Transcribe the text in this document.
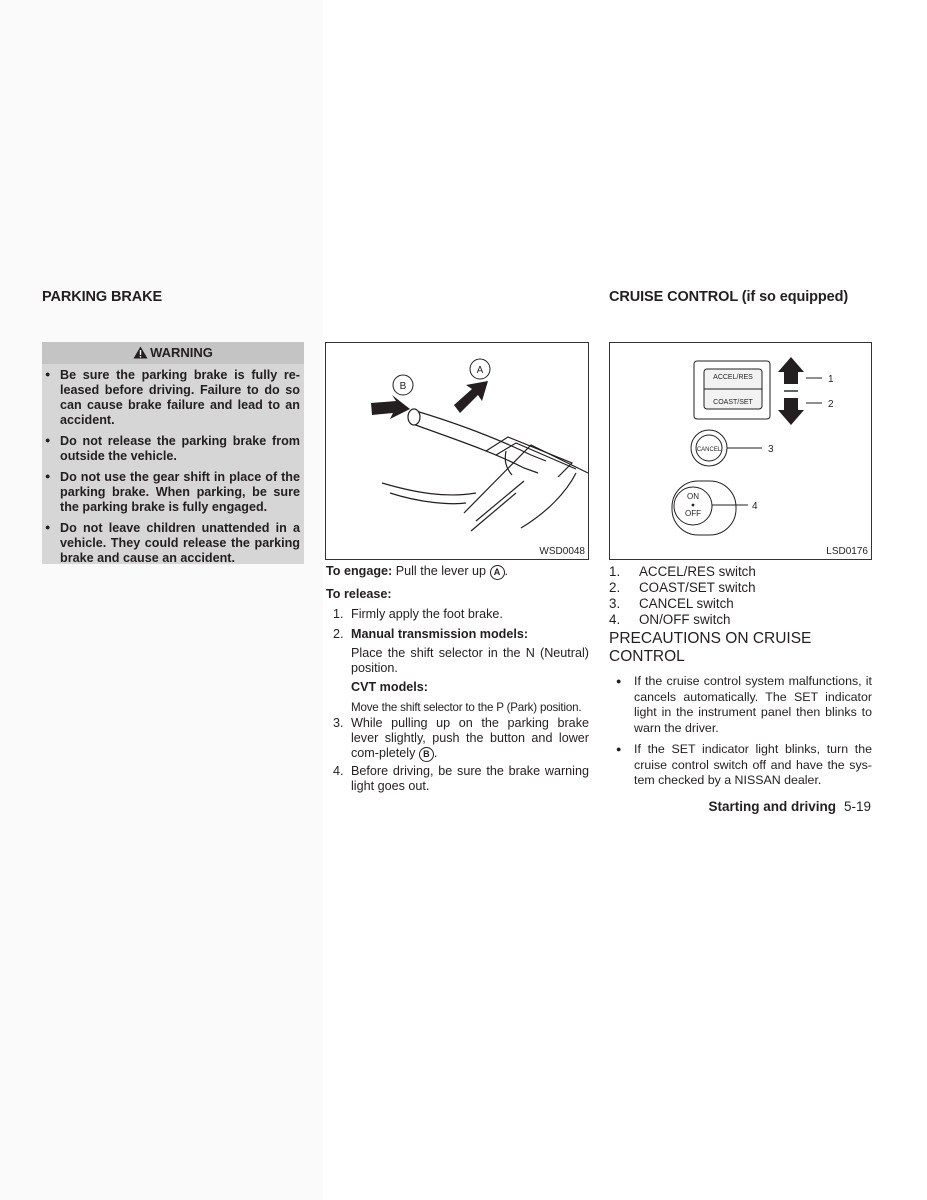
PARKING BRAKE
WARNING
● Be sure the parking brake is fully re-leased before driving. Failure to do so can cause brake failure and lead to an accident.
● Do not release the parking brake from outside the vehicle.
● Do not use the gear shift in place of the parking brake. When parking, be sure the parking brake is fully engaged.
● Do not leave children unattended in a vehicle. They could release the parking brake and cause an accident.
A
B
WSD0048
To engage: Pull the lever up A .
To release:
1. Firmly apply the foot brake.
2. Manual transmission models:
Place the shift selector in the N (Neutral) position.
CVT models:
Move the shift selector to the P (Park) position.
3. While pulling up on the parking brake lever slightly, push the button and lower com-pletely B .
4. Before driving, be sure the brake warning light goes out.
CRUISE CONTROL (if so equipped)
ACCEL/RES
COAST/SET
1
2
CANCEL	3
ON
OFF
4
LSD0176
1. ACCEL/RES switch
2. COAST/SET switch
3. CANCEL switch
4. ON/OFF switch
PRECAUTIONS ON CRUISE CONTROL
● If the cruise control system malfunctions, it cancels automatically. The SET indicator light in the instrument panel then blinks to warn the driver.
● If the SET indicator light blinks, turn the cruise control switch off and have the sys-tem checked by a NISSAN dealer.
Starting and driving 5-19
